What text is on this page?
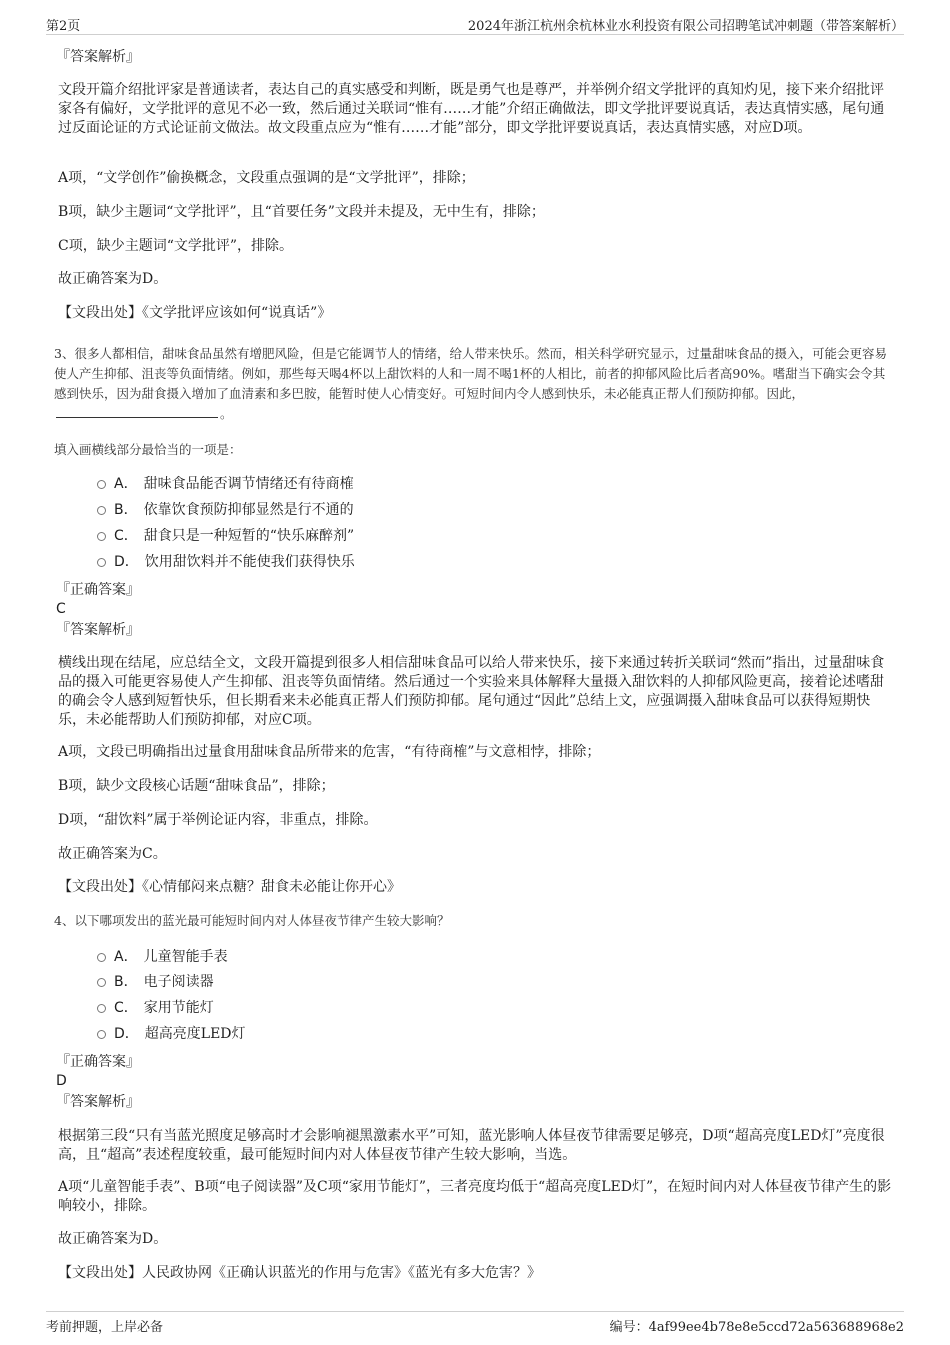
第2页	2024年浙江杭州余杭林业水利投资有限公司招聘笔试冲刺题（带答案解析）
『答案解析』
文段开篇介绍批评家是普通读者，表达自己的真实感受和判断，既是勇气也是尊严，并举例介绍文学批评的真知灼见，接下来介绍批评家各有偏好，文学批评的意见不必一致，然后通过关联词“惟有……才能”介绍正确做法，即文学批评要说真话，表达真情实感，尾句通过反面论证的方式论证前文做法。故文段重点应为“惟有……才能”部分，即文学批评要说真话，表达真情实感，对应D项。
A项，“文学创作”偷换概念，文段重点强调的是“文学批评”，排除；
B项，缺少主题词“文学批评”，且“首要任务”文段并未提及，无中生有，排除；
C项，缺少主题词“文学批评”，排除。
故正确答案为D。
【文段出处】《文学批评应该如何“说真话”》
3、很多人都相信，甜味食品虽然有增肥风险，但是它能调节人的情绪，给人带来快乐。然而，相关科学研究显示，过量甜味食品的摄入，可能会更容易使人产生抑郁、沮丧等负面情绪。例如，那些每天喝4杯以上甜饮料的人和一周不喝1杯的人相比，前者的抑郁风险比后者高90%。嗜甜当下确实会令其感到快乐，因为甜食摄入增加了血清素和多巴胺，能暂时使人心情变好。可短时间内令人感到快乐，未必能真正帮人们预防抑郁。因此，。
填入画横线部分最恰当的一项是：
A． 甜味食品能否调节情绪还有待商榷
B． 依靠饮食预防抑郁显然是行不通的
C． 甜食只是一种短暂的“快乐麻醉剂”
D． 饮用甜饮料并不能使我们获得快乐
『正确答案』
C
『答案解析』
横线出现在结尾，应总结全文，文段开篇提到很多人相信甜味食品可以给人带来快乐，接下来通过转折关联词“然而”指出，过量甜味食品的摄入可能更容易使人产生抑郁、沮丧等负面情绪。然后通过一个实验来具体解释大量摄入甜饮料的人抑郁风险更高，接着论述嗜甜的确会令人感到短暂快乐，但长期看来未必能真正帮人们预防抑郁。尾句通过“因此”总结上文，应强调摄入甜味食品可以获得短期快乐，未必能帮助人们预防抑郁，对应C项。
A项，文段已明确指出过量食用甜味食品所带来的危害，“有待商榷”与文意相悖，排除；
B项，缺少文段核心话题“甜味食品”，排除；
D项，“甜饮料”属于举例论证内容，非重点，排除。
故正确答案为C。
【文段出处】《心情郁闷来点糖？甜食未必能让你开心》
4、以下哪项发出的蓝光最可能短时间内对人体昼夜节律产生较大影响？
A． 儿童智能手表
B． 电子阅读器
C． 家用节能灯
D． 超高亮度LED灯
『正确答案』
D
『答案解析』
根据第三段“只有当蓝光照度足够高时才会影响褪黑激素水平”可知，蓝光影响人体昼夜节律需要足够亮，D项“超高亮度LED灯”亮度很高，且“超高”表述程度较重，最可能短时间内对人体昼夜节律产生较大影响，当选。
A项“儿童智能手表”、B项“电子阅读器”及C项“家用节能灯”，三者亮度均低于“超高亮度LED灯”，在短时间内对人体昼夜节律产生的影响较小，排除。
故正确答案为D。
【文段出处】人民政协网《正确认识蓝光的作用与危害》《蓝光有多大危害？》
考前押题，上岸必备	编号：4af99ee4b78e8e5ccd72a563688968e2
